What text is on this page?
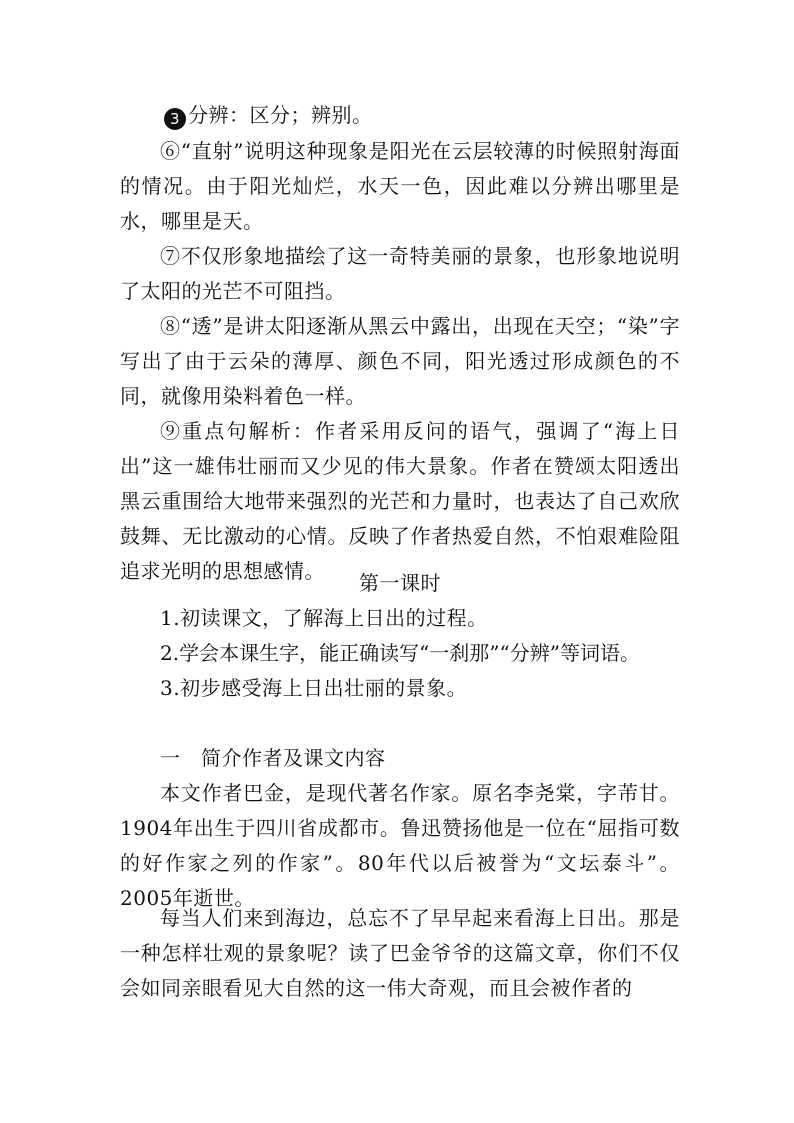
3 分辨：区分；辨别。

⑥“直射”说明这种现象是阳光在云层较薄的时候照射海面的情况。由于阳光灿烂，水天一色，因此难以分辨出哪里是水，哪里是天。

⑦不仅形象地描绘了这一奇特美丽的景象，也形象地说明了太阳的光芒不可阻挡。

⑧“透”是讲太阳逐渐从黑云中露出，出现在天空；“染”字写出了由于云朵的薄厚、颜色不同，阳光透过形成颜色的不同，就像用染料着色一样。

⑨重点句解析：作者采用反问的语气，强调了“海上日出”这一雄伟壮丽而又少见的伟大景象。作者在赞颂太阳透出黑云重围给大地带来强烈的光芒和力量时，也表达了自己欢欣鼓舞、无比激动的心情。反映了作者热爱自然，不怕艰难险阻追求光明的思想感情。	第一课时
1.初读课文，了解海上日出的过程。
2.学会本课生字，能正确读写“一刹那”“分辨”等词语。
3.初步感受海上日出壮丽的景象。
一　简介作者及课文内容

本文作者巴金，是现代著名作家。原名李尧棠，字芾甘。1904年出生于四川省成都市。鲁迅赞扬他是一位在“屈指可数的好作家之列的作家”。80年代以后被誉为“文坛泰斗”。2005年逝世。

每当人们来到海边，总忘不了早早起来看海上日出。那是一种怎样壮观的景象呢？读了巴金爷爷的这篇文章，你们不仅会如同亲眼看见大自然的这一伟大奇观，而且会被作者的
